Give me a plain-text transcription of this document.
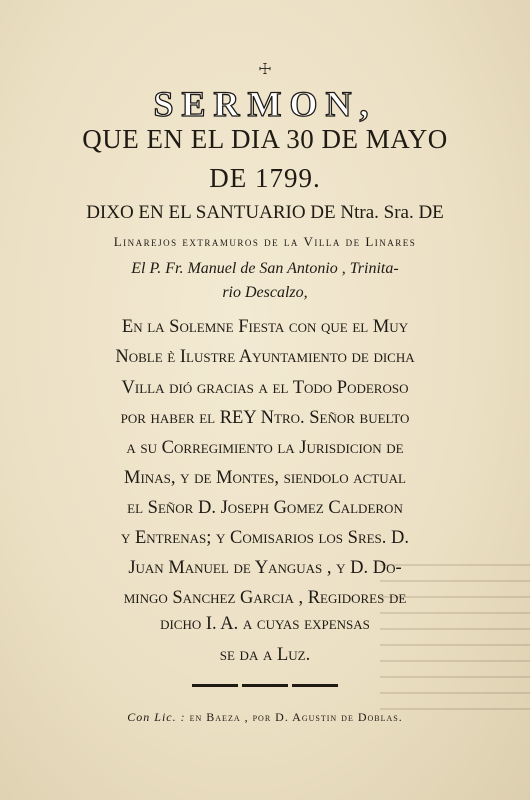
☩
SERMON,
QUE EN EL DIA 30 DE MAYO
DE 1799.
DIXO EN EL SANTUARIO DE Ntra. Sra. DE
Linarejos extramuros de la Villa de Linares
El P. Fr. Manuel de San Antonio , Trinita-
rio Descalzo,
En la Solemne Fiesta con que el Muy
Noble è Ilustre Ayuntamiento de dicha
Villa dió gracias a el Todo Poderoso
por haber el REY Ntro. Señor buelto
a su Corregimiento la Jurisdicion de
Minas, y de Montes, siendolo actual
el Señor D. Joseph Gomez Calderon
y Entrenas; y Comisarios los Sres. D.
Juan Manuel de Yanguas , y D. Do-
mingo Sanchez Garcia , Regidores de
dicho I. A. a cuyas expensas
se da a Luz.
Con Lic. : en Baeza , por D. Agustin de Doblas.
